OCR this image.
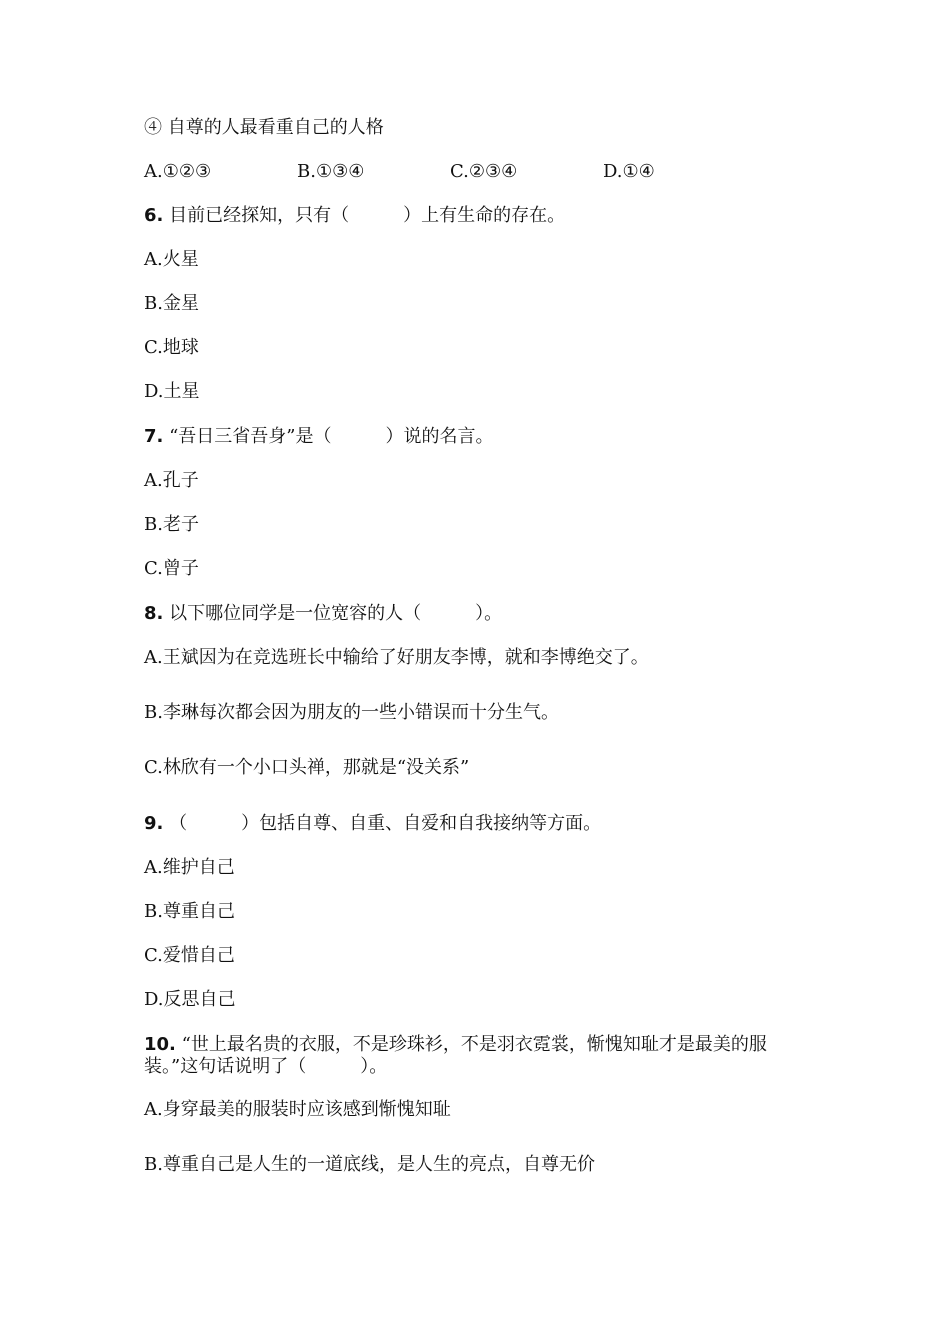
④ 自尊的人最看重自己的人格
A.①②③	B.①③④	C.②③④	D.①④
6. 目前已经探知，只有（　　　）上有生命的存在。
A.火星
B.金星
C.地球
D.土星
7. “吾日三省吾身”是（　　　）说的名言。
A.孔子
B.老子
C.曾子
8. 以下哪位同学是一位宽容的人（　　　）。
A.王斌因为在竞选班长中输给了好朋友李博，就和李博绝交了。
B.李琳每次都会因为朋友的一些小错误而十分生气。
C.林欣有一个小口头禅，那就是“没关系”
9. （　　　）包括自尊、自重、自爱和自我接纳等方面。
A.维护自己
B.尊重自己
C.爱惜自己
D.反思自己
10. “世上最名贵的衣服，不是珍珠衫，不是羽衣霓裳，惭愧知耻才是最美的服
装。”这句话说明了（　　　）。
A.身穿最美的服装时应该感到惭愧知耻
B.尊重自己是人生的一道底线，是人生的亮点，自尊无价
